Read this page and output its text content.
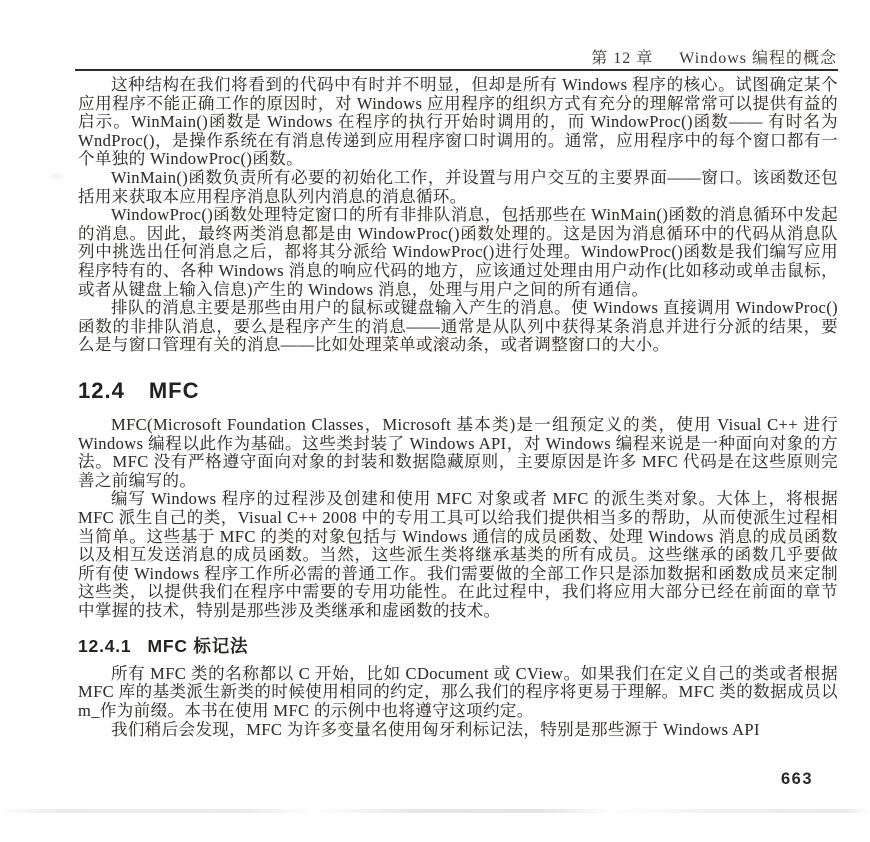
第 12 章 Windows 编程的概念

这种结构在我们将看到的代码中有时并不明显，但却是所有 Windows 程序的核心。试图确定某个应用程序不能正确工作的原因时，对 Windows 应用程序的组织方式有充分的理解常常可以提供有益的启示。WinMain()函数是 Windows 在程序的执行开始时调用的，而 WindowProc()函数—— 有时名为 WndProc()，是操作系统在有消息传递到应用程序窗口时调用的。通常，应用程序中的每个窗口都有一个单独的 WindowProc()函数。

WinMain()函数负责所有必要的初始化工作，并设置与用户交互的主要界面——窗口。该函数还包括用来获取本应用程序消息队列内消息的消息循环。

WindowProc()函数处理特定窗口的所有非排队消息，包括那些在 WinMain()函数的消息循环中发起的消息。因此，最终两类消息都是由 WindowProc()函数处理的。这是因为消息循环中的代码从消息队列中挑选出任何消息之后，都将其分派给 WindowProc()进行处理。WindowProc()函数是我们编写应用程序特有的、各种 Windows 消息的响应代码的地方，应该通过处理由用户动作(比如移动或单击鼠标，或者从键盘上输入信息)产生的 Windows 消息，处理与用户之间的所有通信。

排队的消息主要是那些由用户的鼠标或键盘输入产生的消息。使 Windows 直接调用 WindowProc()函数的非排队消息，要么是程序产生的消息——通常是从队列中获得某条消息并进行分派的结果，要么是与窗口管理有关的消息——比如处理菜单或滚动条，或者调整窗口的大小。

12.4 MFC

MFC(Microsoft Foundation Classes，Microsoft 基本类)是一组预定义的类，使用 Visual C++ 进行 Windows 编程以此作为基础。这些类封装了 Windows API，对 Windows 编程来说是一种面向对象的方法。MFC 没有严格遵守面向对象的封装和数据隐藏原则，主要原因是许多 MFC 代码是在这些原则完善之前编写的。

编写 Windows 程序的过程涉及创建和使用 MFC 对象或者 MFC 的派生类对象。大体上，将根据 MFC 派生自己的类，Visual C++ 2008 中的专用工具可以给我们提供相当多的帮助，从而使派生过程相当简单。这些基于 MFC 的类的对象包括与 Windows 通信的成员函数、处理 Windows 消息的成员函数以及相互发送消息的成员函数。当然，这些派生类将继承基类的所有成员。这些继承的函数几乎要做所有使 Windows 程序工作所必需的普通工作。我们需要做的全部工作只是添加数据和函数成员来定制这些类，以提供我们在程序中需要的专用功能性。在此过程中，我们将应用大部分已经在前面的章节中掌握的技术，特别是那些涉及类继承和虚函数的技术。

12.4.1 MFC 标记法

所有 MFC 类的名称都以 C 开始，比如 CDocument 或 CView。如果我们在定义自己的类或者根据 MFC 库的基类派生新类的时候使用相同的约定，那么我们的程序将更易于理解。MFC 类的数据成员以 m_作为前缀。本书在使用 MFC 的示例中也将遵守这项约定。

我们稍后会发现，MFC 为许多变量名使用匈牙利标记法，特别是那些源于 Windows API

663
